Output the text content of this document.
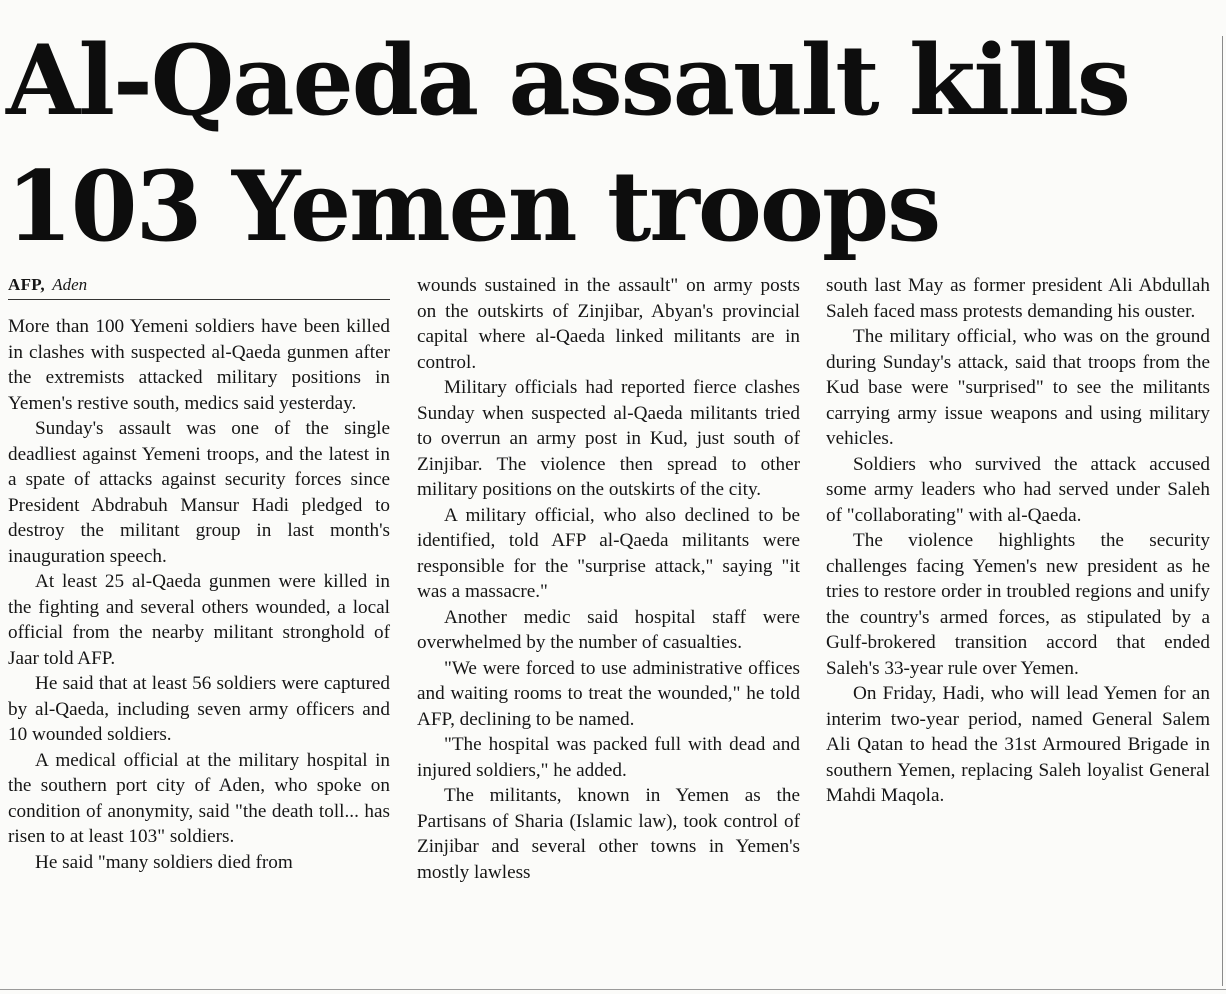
Al-Qaeda assault kills
103 Yemen troops
AFP, Aden

More than 100 Yemeni soldiers have been killed in clashes with suspected al-Qaeda gunmen after the extremists attacked military positions in Yemen's restive south, medics said yesterday.

Sunday's assault was one of the single deadliest against Yemeni troops, and the latest in a spate of attacks against security forces since President Abdrabuh Mansur Hadi pledged to destroy the militant group in last month's inauguration speech.

At least 25 al-Qaeda gunmen were killed in the fighting and several others wounded, a local official from the nearby militant stronghold of Jaar told AFP.

He said that at least 56 soldiers were captured by al-Qaeda, including seven army officers and 10 wounded soldiers.

A medical official at the military hospital in the southern port city of Aden, who spoke on condition of anonymity, said "the death toll... has risen to at least 103" soldiers.

He said "many soldiers died from

wounds sustained in the assault" on army posts on the outskirts of Zinjibar, Abyan's provincial capital where al-Qaeda linked militants are in control.

Military officials had reported fierce clashes Sunday when suspected al-Qaeda militants tried to overrun an army post in Kud, just south of Zinjibar. The violence then spread to other military positions on the outskirts of the city.

A military official, who also declined to be identified, told AFP al-Qaeda militants were responsible for the "surprise attack," saying "it was a massacre."

Another medic said hospital staff were overwhelmed by the number of casualties.

"We were forced to use administrative offices and waiting rooms to treat the wounded," he told AFP, declining to be named.

"The hospital was packed full with dead and injured soldiers," he added.

The militants, known in Yemen as the Partisans of Sharia (Islamic law), took control of Zinjibar and several other towns in Yemen's mostly lawless

south last May as former president Ali Abdullah Saleh faced mass protests demanding his ouster.

The military official, who was on the ground during Sunday's attack, said that troops from the Kud base were "surprised" to see the militants carrying army issue weapons and using military vehicles.

Soldiers who survived the attack accused some army leaders who had served under Saleh of "collaborating" with al-Qaeda.

The violence highlights the security challenges facing Yemen's new president as he tries to restore order in troubled regions and unify the country's armed forces, as stipulated by a Gulf-brokered transition accord that ended Saleh's 33-year rule over Yemen.

On Friday, Hadi, who will lead Yemen for an interim two-year period, named General Salem Ali Qatan to head the 31st Armoured Brigade in southern Yemen, replacing Saleh loyalist General Mahdi Maqola.
